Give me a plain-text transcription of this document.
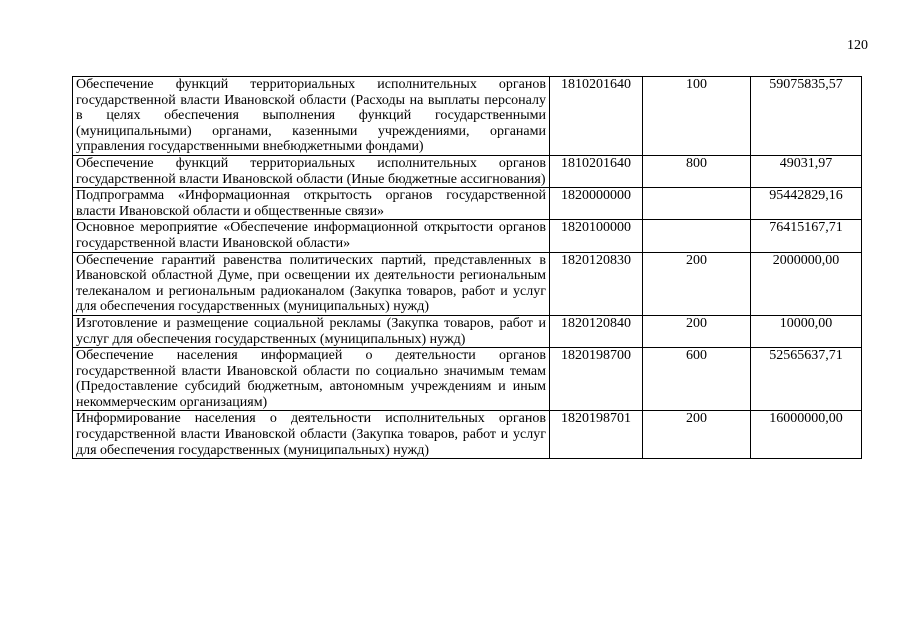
120
Обеспечение функций территориальных исполнительных органов государственной власти Ивановской области (Расходы на выплаты персоналу в целях обеспечения выполнения функций государственными (муниципальными) органами, казенными учреждениями, органами управления государственными внебюджетными фондами)	1810201640	100	59075835,57
Обеспечение функций территориальных исполнительных органов государственной власти Ивановской области (Иные бюджетные ассигнования)	1810201640	800	49031,97
Подпрограмма «Информационная открытость органов государственной власти Ивановской области и общественные связи»	1820000000		95442829,16
Основное мероприятие «Обеспечение информационной открытости органов государственной власти Ивановской области»	1820100000		76415167,71
Обеспечение гарантий равенства политических партий, представленных в Ивановской областной Думе, при освещении их деятельности региональным телеканалом и региональным радиоканалом (Закупка товаров, работ и услуг для обеспечения государственных (муниципальных) нужд)	1820120830	200	2000000,00
Изготовление и размещение социальной рекламы (Закупка товаров, работ и услуг для обеспечения государственных (муниципальных) нужд)	1820120840	200	10000,00
Обеспечение населения информацией о деятельности органов государственной власти Ивановской области по социально значимым темам (Предоставление субсидий бюджетным, автономным учреждениям и иным некоммерческим организациям)	1820198700	600	52565637,71
Информирование населения о деятельности исполнительных органов государственной власти Ивановской области (Закупка товаров, работ и услуг для обеспечения государственных (муниципальных) нужд)	1820198701	200	16000000,00
